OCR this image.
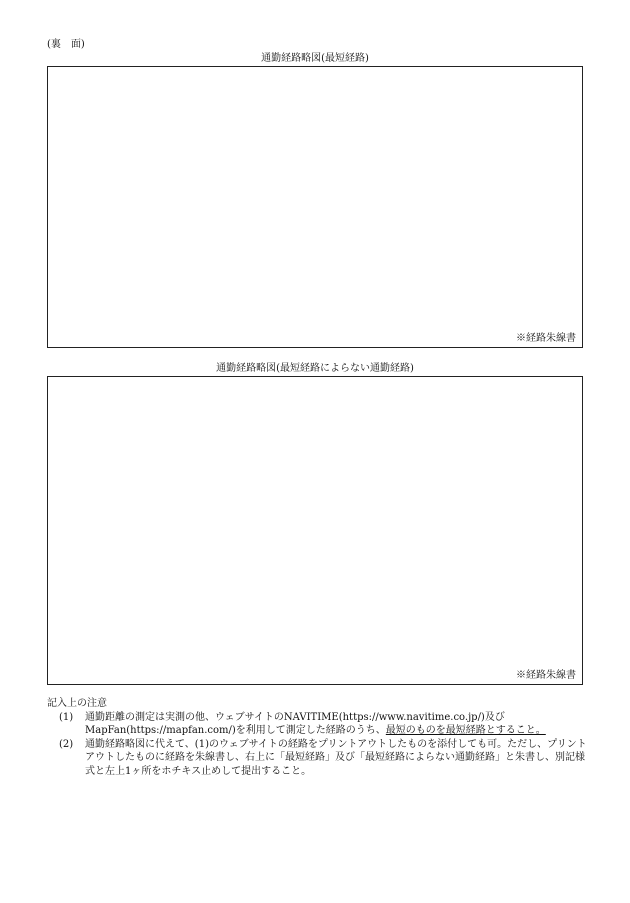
(裏　面)
通勤経路略図(最短経路)
※経路朱線書
通勤経路略図(最短経路によらない通勤経路)
※経路朱線書
記入上の注意
(1) 通勤距離の測定は実測の他、ウェブサイトのNAVITIME(https://www.navitime.co.jp/)及びMapFan(https://mapfan.com/)を利用して測定した経路のうち、最短のものを最短経路とすること。
(2) 通勤経路略図に代えて、(1)のウェブサイトの経路をプリントアウトしたものを添付しても可。ただし、プリントアウトしたものに経路を朱線書し、右上に「最短経路」及び「最短経路によらない通勤経路」と朱書し、別記様式と左上1ヶ所をホチキス止めして提出すること。
